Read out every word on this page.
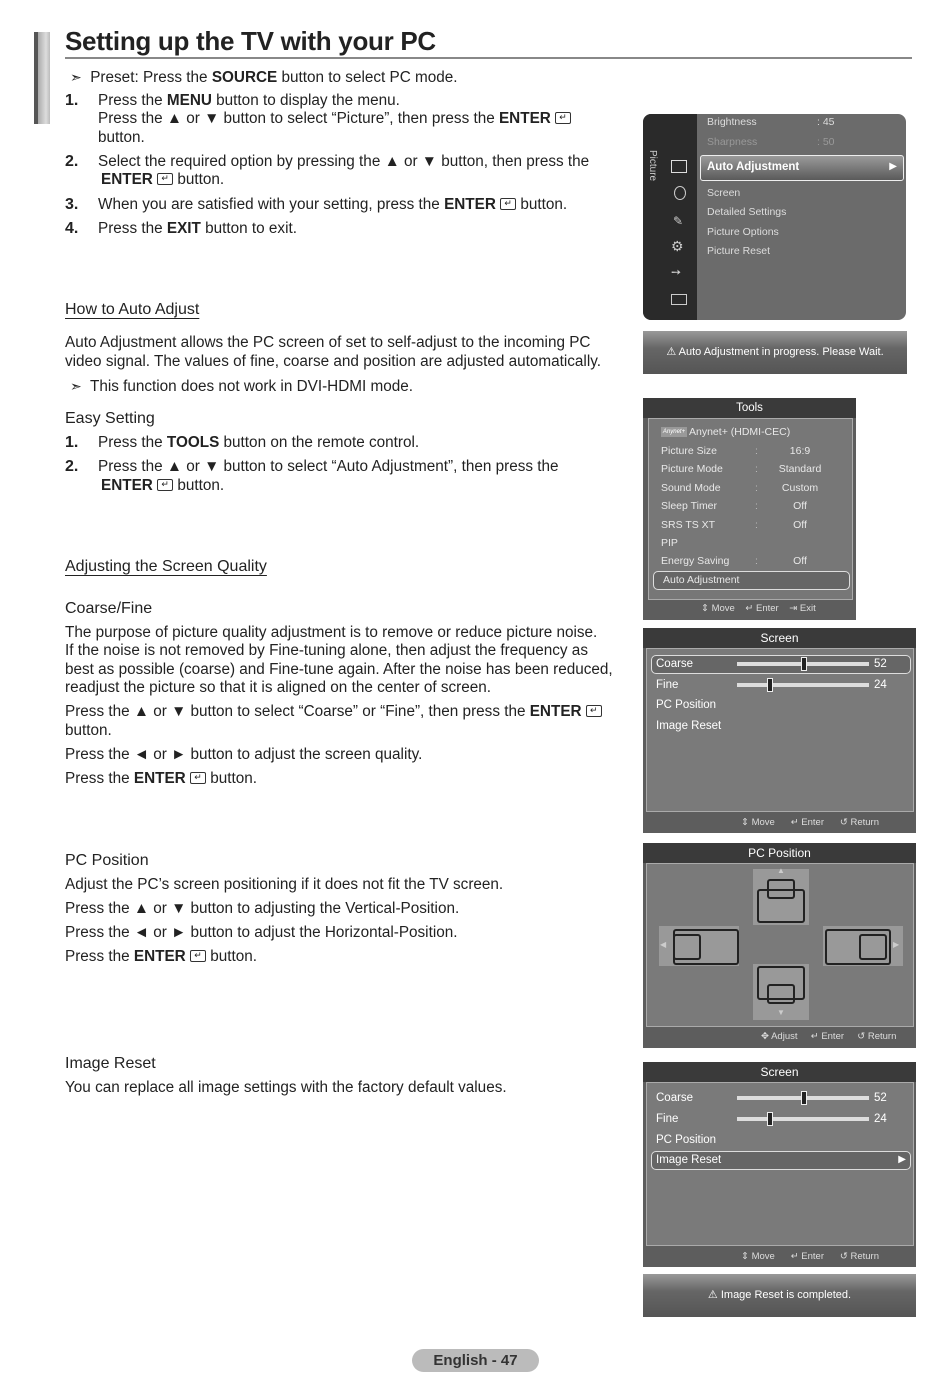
Setting up the TV with your PC
➣ Preset: Press the SOURCE button to select PC mode.
1. Press the MENU button to display the menu.
Press the ▲ or ▼ button to select “Picture”, then press the ENTER ↵
button.
2. Select the required option by pressing the ▲ or ▼ button, then press the
ENTER ↵ button.
3. When you are satisfied with your setting, press the ENTER ↵ button.
4. Press the EXIT button to exit.
How to Auto Adjust
Auto Adjustment allows the PC screen of set to self-adjust to the incoming PC
video signal. The values of fine, coarse and position are adjusted automatically.
➣ This function does not work in DVI-HDMI mode.
Easy Setting
1. Press the TOOLS button on the remote control.
2. Press the ▲ or ▼ button to select “Auto Adjustment”, then press the
ENTER ↵ button.
Adjusting the Screen Quality
Coarse/Fine
The purpose of picture quality adjustment is to remove or reduce picture noise.
If the noise is not removed by Fine-tuning alone, then adjust the frequency as
best as possible (coarse) and Fine-tune again. After the noise has been reduced,
readjust the picture so that it is aligned on the center of screen.
Press the ▲ or ▼ button to select “Coarse” or “Fine”, then press the ENTER ↵
button.
Press the ◄ or ► button to adjust the screen quality.
Press the ENTER ↵ button.
PC Position
Adjust the PC’s screen positioning if it does not fit the TV screen.
Press the ▲ or ▼ button to adjusting the Vertical-Position.
Press the ◄ or ► button to adjust the Horizontal-Position.
Press the ENTER ↵ button.
Image Reset
You can replace all image settings with the factory default values.
Picture
✎
⚙
➙
Brightness	: 45
Sharpness	: 50
Auto Adjustment	▶
Screen
Detailed Settings
Picture Options
Picture Reset
⚠ Auto Adjustment in progress. Please Wait.
Tools
Anynet+ Anynet+ (HDMI-CEC)
Auto Adjustment
Picture Size	:	16:9
Picture Mode	:	Standard
Sound Mode	:	Custom
Sleep Timer	:	Off
SRS TS XT	:	Off
PIP
Energy Saving :	Off
⇕ Move ↵ Enter ⇥ Exit
Screen
Coarse	52
Fine	24
PC Position
Image Reset
⇕ Move ↵ Enter ↺ Return
PC Position
▲
◀	▶
▼
✥ Adjust ↵ Enter ↺ Return
Screen
Coarse	52
Fine	24
PC Position
Image Reset	▶
⇕ Move ↵ Enter ↺ Return
⚠ Image Reset is completed.
English - 47
